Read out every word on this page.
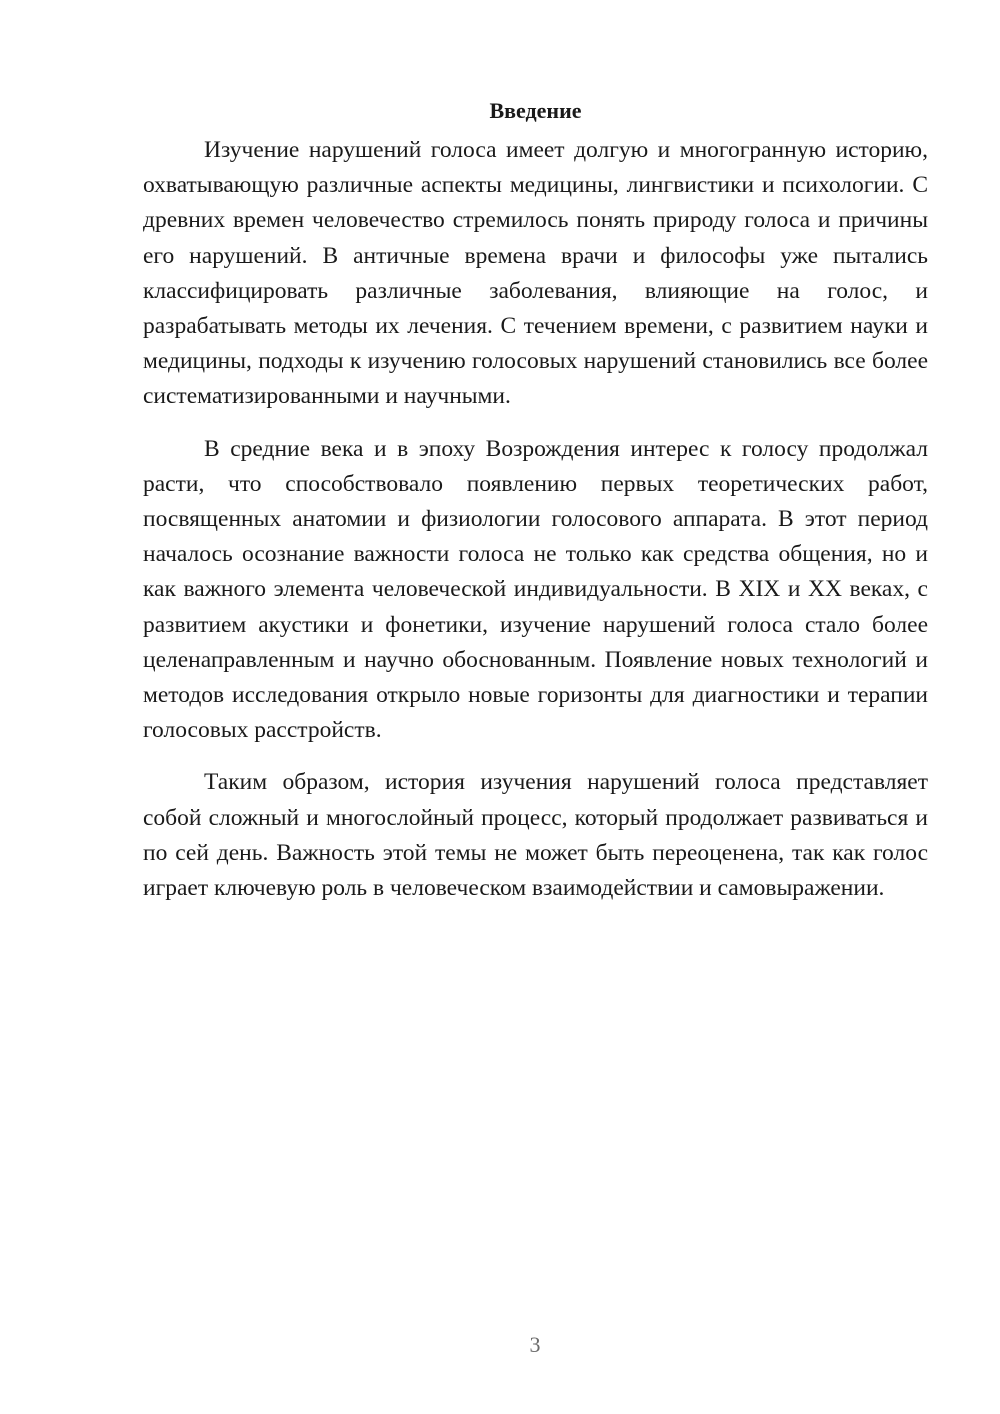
Введение

Изучение нарушений голоса имеет долгую и многогранную историю, охватывающую различные аспекты медицины, лингвистики и психологии. С древних времен человечество стремилось понять природу голоса и причины его нарушений. В античные времена врачи и философы уже пытались классифицировать различные заболевания, влияющие на голос, и разрабатывать методы их лечения. С течением времени, с развитием науки и медицины, подходы к изучению голосовых нарушений становились все более систематизированными и научными.

В средние века и в эпоху Возрождения интерес к голосу продолжал расти, что способствовало появлению первых теоретических работ, посвященных анатомии и физиологии голосового аппарата. В этот период началось осознание важности голоса не только как средства общения, но и как важного элемента человеческой индивидуальности. В XIX и XX веках, с развитием акустики и фонетики, изучение нарушений голоса стало более целенаправленным и научно обоснованным. Появление новых технологий и методов исследования открыло новые горизонты для диагностики и терапии голосовых расстройств.

Таким образом, история изучения нарушений голоса представляет собой сложный и многослойный процесс, который продолжает развиваться и по сей день. Важность этой темы не может быть переоценена, так как голос играет ключевую роль в человеческом взаимодействии и самовыражении.

3
